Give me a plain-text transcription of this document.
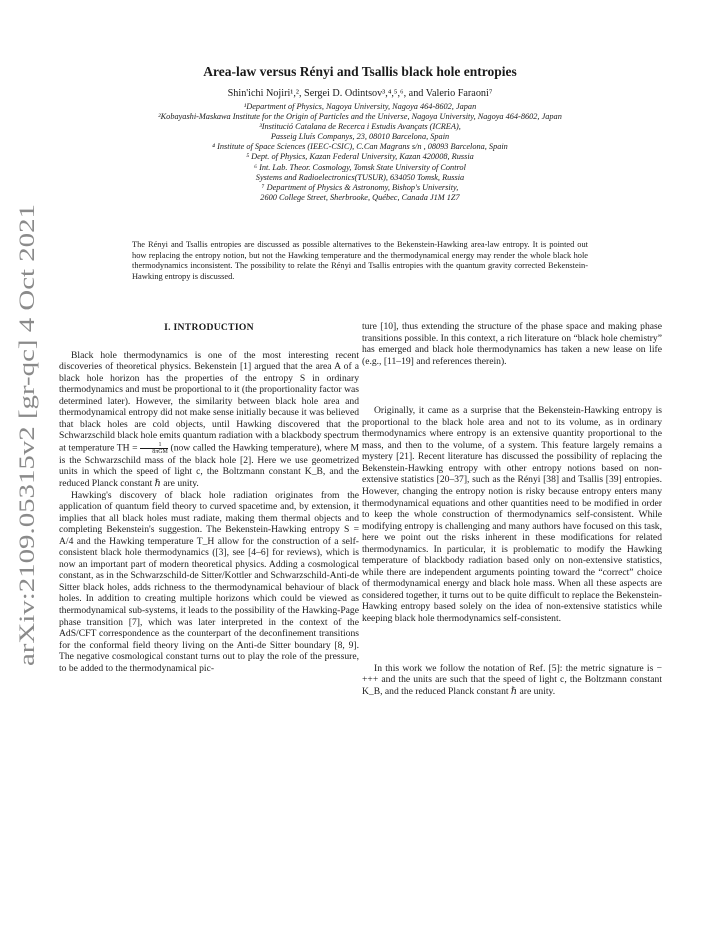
arXiv:2109.05315v2 [gr-qc] 4 Oct 2021
Area-law versus Rényi and Tsallis black hole entropies
Shin'ichi Nojiri¹,², Sergei D. Odintsov³,⁴,⁵,⁶, and Valerio Faraoni⁷
¹Department of Physics, Nagoya University, Nagoya 464-8602, Japan
²Kobayashi-Maskawa Institute for the Origin of Particles and the Universe, Nagoya University, Nagoya 464-8602, Japan
³Institució Catalana de Recerca i Estudis Avançats (ICREA),
Passeig Lluís Companys, 23, 08010 Barcelona, Spain
⁴ Institute of Space Sciences (IEEC-CSIC), C.Can Magrans s/n , 08093 Barcelona, Spain
⁵ Dept. of Physics, Kazan Federal University, Kazan 420008, Russia
⁶ Int. Lab. Theor. Cosmology, Tomsk State University of Control
Systems and Radioelectronics(TUSUR), 634050 Tomsk, Russia
⁷ Department of Physics & Astronomy, Bishop's University,
2600 College Street, Sherbrooke, Québec, Canada J1M 1Z7
The Rényi and Tsallis entropies are discussed as possible alternatives to the Bekenstein-Hawking area-law entropy. It is pointed out how replacing the entropy notion, but not the Hawking temperature and the thermodynamical energy may render the whole black hole thermodynamics inconsistent. The possibility to relate the Rényi and Tsallis entropies with the quantum gravity corrected Bekenstein-Hawking entropy is discussed.
I. INTRODUCTION

Black hole thermodynamics is one of the most interesting recent discoveries of theoretical physics. Bekenstein [1] argued that the area A of a black hole horizon has the properties of the entropy S in ordinary thermodynamics and must be proportional to it (the proportionality factor was determined later). However, the similarity between black hole area and thermodynamical entropy did not make sense initially because it was believed that black holes are cold objects, until Hawking discovered that the Schwarzschild black hole emits quantum radiation with a blackbody spectrum at temperature TH = $\frac{1}{\text{8πGM}} (now$ called the Hawking temperature), where M is the Schwarzschild mass of the black hole [2]. Here we use geometrized units in which the speed of light c, the Boltzmann constant K_B, and the reduced Planck constant ℏ are unity.

Hawking's discovery of black hole radiation originates from the application of quantum field theory to curved spacetime and, by extension, it implies that all black holes must radiate, making them thermal objects and completing Bekenstein's suggestion. The Bekenstein-Hawking entropy S = A/4 and the Hawking temperature T_H allow for the construction of a self-consistent black hole thermodynamics ([3], see [4–6] for reviews), which is now an important part of modern theoretical physics. Adding a cosmological constant, as in the Schwarzschild-de Sitter/Kottler and Schwarzschild-Anti-de Sitter black holes, adds richness to the thermodynamical behaviour of black holes. In addition to creating multiple horizons which could be viewed as thermodynamical sub-systems, it leads to the possibility of the Hawking-Page phase transition [7], which was later interpreted in the context of the AdS/CFT correspondence as the counterpart of the deconfinement transitions for the conformal field theory living on the Anti-de Sitter boundary [8, 9]. The negative cosmological constant turns out to play the role of the pressure, to be added to the thermodynamical pic-

ture [10], thus extending the structure of the phase space and making phase transitions possible. In this context, a rich literature on “black hole chemistry” has emerged and black hole thermodynamics has taken a new lease on life (e.g., [11–19] and references therein).

Originally, it came as a surprise that the Bekenstein-Hawking entropy is proportional to the black hole area and not to its volume, as in ordinary thermodynamics where entropy is an extensive quantity proportional to the mass, and then to the volume, of a system. This feature largely remains a mystery [21]. Recent literature has discussed the possibility of replacing the Bekenstein-Hawking entropy with other entropy notions based on non-extensive statistics [20–37], such as the Rényi [38] and Tsallis [39] entropies. However, changing the entropy notion is risky because entropy enters many thermodynamical equations and other quantities need to be modified in order to keep the whole construction of thermodynamics self-consistent. While modifying entropy is challenging and many authors have focused on this task, here we point out the risks inherent in these modifications for related thermodynamics. In particular, it is problematic to modify the Hawking temperature of blackbody radiation based only on non-extensive statistics, while there are independent arguments pointing toward the “correct” choice of thermodynamical energy and black hole mass. When all these aspects are considered together, it turns out to be quite difficult to replace the Bekenstein-Hawking entropy based solely on the idea of non-extensive statistics while keeping black hole thermodynamics self-consistent.

In this work we follow the notation of Ref. [5]: the metric signature is −+++ and the units are such that the speed of light c, the Boltzmann constant K_B, and the reduced Planck constant ℏ are unity.
